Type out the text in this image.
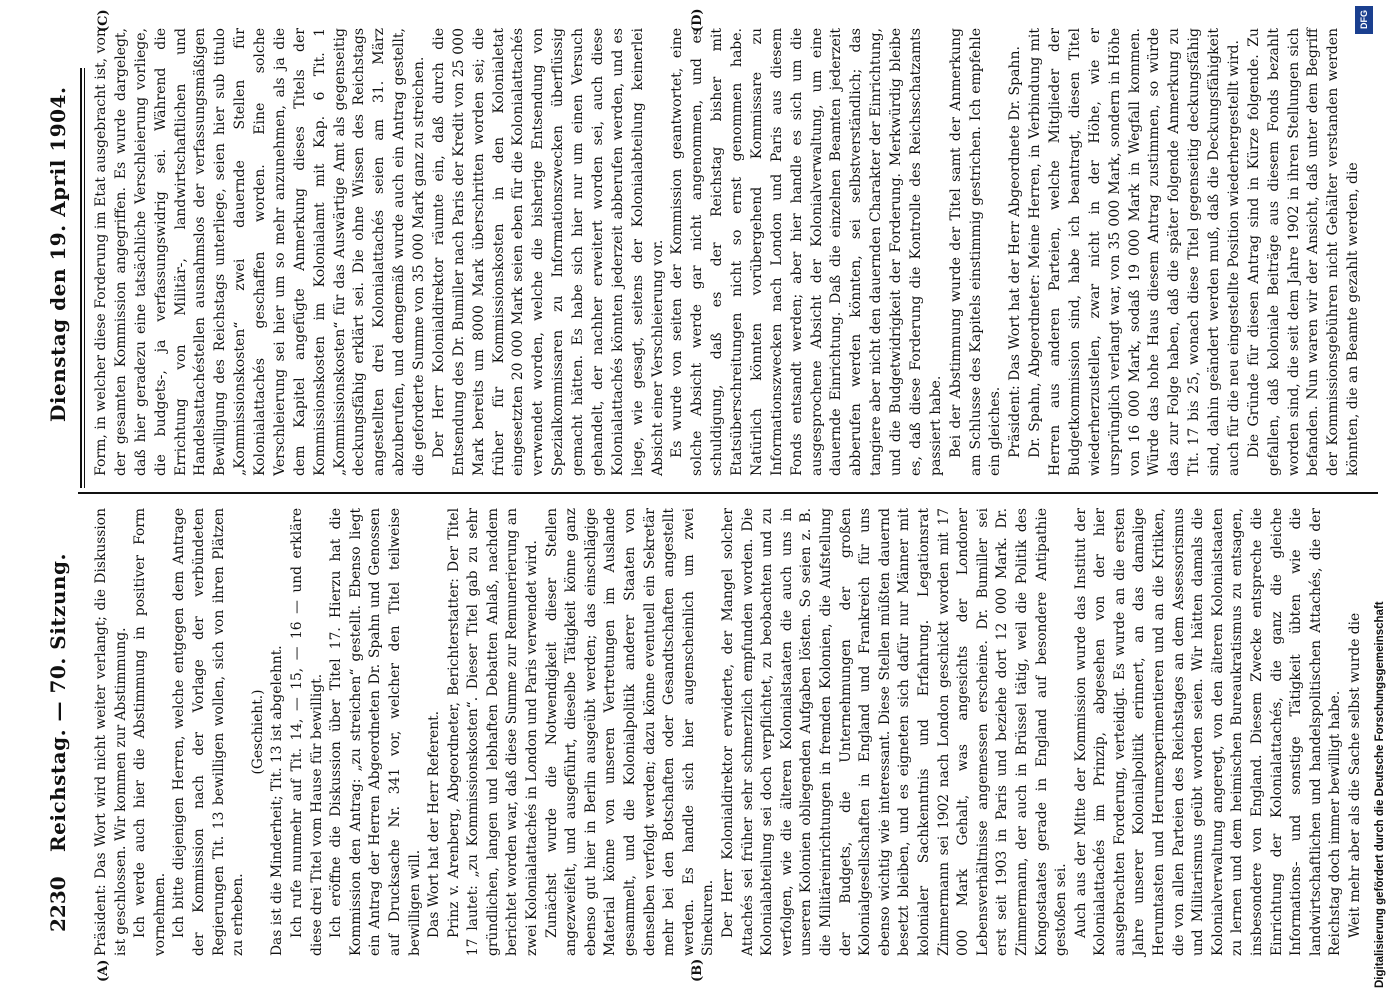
2230
Reichstag. — 70. Sitzung.
Dienstag den 19. April 1904.
(A)	(B)
(C)	(D)

Präsident: Das Wort wird nicht weiter verlangt; die Diskussion ist geschlossen. Wir kommen zur Abstimmung. Ich werde auch hier die Abstimmung in positiver Form vornehmen. Ich bitte diejenigen Herren, welche entgegen dem Antrage der Kommission nach der Vorlage der verbündeten Regierungen Tit. 13 bewilligen wollen, sich von ihren Plätzen zu erheben.

(Geschieht.) Das ist die Minderheit; Tit. 13 ist abgelehnt. Ich rufe nunmehr auf Tit. 14, — 15, — 16 — und erkläre diese drei Titel vom Hause für bewilligt. Ich eröffne die Diskussion über Titel 17. Hierzu hat die Kommission den Antrag: „zu streichen“ gestellt. Ebenso liegt ein Antrag der Herren Abgeordneten Dr. Spahn und Genossen auf Drucksache Nr. 341 vor, welcher den Titel teilweise bewilligen will. Das Wort hat der Herr Referent. Prinz v. Arenberg, Abgeordneter, Berichterstatter: Der Titel 17 lautet: „zu Kommissionskosten“. Dieser Titel gab zu sehr gründlichen, langen und lebhaften Debatten Anlaß, nachdem berichtet worden war, daß diese Summe zur Remunerierung an zwei Kolonialattachés in London und Paris verwendet wird. Zunächst wurde die Notwendigkeit dieser Stellen angezweifelt, und ausgeführt, dieselbe Tätigkeit könne ganz ebenso gut hier in Berlin ausgeübt werden; das einschlägige Material könne von unseren Vertretungen im Auslande gesammelt, und die Kolonialpolitik anderer Staaten von denselben verfolgt werden; dazu könne eventuell ein Sekretär mehr bei den Botschaften oder Gesandtschaften angestellt werden. Es handle sich hier augenscheinlich um zwei Sinekuren. Der Herr Kolonialdirektor erwiderte, der Mangel solcher Attachés sei früher sehr schmerzlich empfunden worden. Die Kolonialabteilung sei doch verpflichtet, zu beobachten und zu verfolgen, wie die älteren Kolonialstaaten die auch uns in unseren Kolonien obliegenden Aufgaben lösten. So seien z. B. die Militäreinrichtungen in fremden Kolonien, die Aufstellung der Budgets, die Unternehmungen der großen Kolonialgesellschaften in England und Frankreich für uns ebenso wichtig wie interessant. Diese Stellen müßten dauernd besetzt bleiben, und es eigneten sich dafür nur Männer mit kolonialer Sachkenntnis und Erfahrung. Legationsrat Zimmermann sei 1902 nach London geschickt worden mit 17 000 Mark Gehalt, was angesichts der Londoner Lebensverhältnisse angemessen erscheine. Dr. Bumiller sei erst seit 1903 in Paris und beziehe dort 12 000 Mark. Dr. Zimmermann, der auch in Brüssel tätig, weil die Politik des Kongostaates gerade in England auf besondere Antipathie gestoßen sei. Auch aus der Mitte der Kommission wurde das Institut der Kolonialattachés im Prinzip, abgesehen von der hier ausgebrachten Forderung, verteidigt. Es wurde an die ersten Jahre unserer Kolonialpolitik erinnert, an das damalige Herumtasten und Herumexperimentieren und an die Kritiken, die von allen Parteien des Reichstages an dem Assessorismus und Militarismus geübt worden seien. Wir hätten damals die Kolonialverwaltung angeregt, von den älteren Kolonialstaaten zu lernen und dem heimischen Bureaukratismus zu entsagen, insbesondere von England. Diesem Zwecke entspreche die Einrichtung der Kolonialattachés, die ganz die gleiche Informations- und sonstige Tätigkeit übten wie die landwirtschaftlichen und handelspolitischen Attachés, die der Reichstag doch immer bewilligt habe. Weit mehr aber als die Sache selbst wurde die

Form, in welcher diese Forderung im Etat ausgebracht ist, von der gesamten Kommission angegriffen. Es wurde dargelegt, daß hier geradezu eine tatsächliche Verschleierung vorliege, die budgets-, ja verfassungswidrig sei. Während die Errichtung von Militär-, landwirtschaftlichen und Handelsattachéstellen ausnahmslos der verfassungsmäßigen Bewilligung des Reichstags unterliege, seien hier sub titulo „Kommissionskosten“ zwei dauernde Stellen für Kolonialattachés geschaffen worden. Eine solche Verschleierung sei hier um so mehr anzunehmen, als ja die dem Kapitel angefügte Anmerkung dieses Titels der Kommissionskosten im Kolonialamt mit Kap. 6 Tit. 1 „Kommissionskosten“ für das Auswärtige Amt als gegenseitig deckungsfähig erklärt sei. Die ohne Wissen des Reichstags angestellten drei Kolonialattachés seien am 31. März abzuberufen, und demgemäß wurde auch ein Antrag gestellt, die geforderte Summe von 35 000 Mark ganz zu streichen. Der Herr Kolonialdirektor räumte ein, daß durch die Entsendung des Dr. Bumiller nach Paris der Kredit von 25 000 Mark bereits um 8000 Mark überschritten worden sei; die früher für Kommissionskosten in den Kolonialetat eingesetzten 20 000 Mark seien eben für die Kolonialattachés verwendet worden, welche die bisherige Entsendung von Spezialkommissaren zu Informationszwecken überflüssig gemacht hätten. Es habe sich hier nur um einen Versuch gehandelt, der nachher erweitert worden sei, auch diese Kolonialattachés könnten jederzeit abberufen werden, und es liege, wie gesagt, seitens der Kolonialabteilung keinerlei Absicht einer Verschleierung vor. Es wurde von seiten der Kommission geantwortet, eine solche Absicht werde gar nicht angenommen, und es schuldigung, daß es der Reichstag bisher mit Etatsüberschreitungen nicht so ernst genommen habe. Natürlich könnten vorübergehend Kommissare zu Informationszwecken nach London und Paris aus diesem Fonds entsandt werden; aber hier handle es sich um die ausgesprochene Absicht der Kolonialverwaltung, um eine dauernde Einrichtung. Daß die einzelnen Beamten jederzeit abberufen werden könnten, sei selbstverständlich; das tangiere aber nicht den dauernden Charakter der Einrichtung, und die Budgetwidrigkeit der Forderung. Merkwürdig bleibe es, daß diese Forderung die Kontrolle des Reichsschatzamts passiert habe. Bei der Abstimmung wurde der Titel samt der Anmerkung am Schlusse des Kapitels einstimmig gestrichen. Ich empfehle ein gleiches. Präsident: Das Wort hat der Herr Abgeordnete Dr. Spahn. Dr. Spahn, Abgeordneter: Meine Herren, in Verbindung mit Herren aus anderen Parteien, welche Mitglieder der Budgetkommission sind, habe ich beantragt, diesen Titel wiederherzustellen, zwar nicht in der Höhe, wie er ursprünglich verlangt war, von 35 000 Mark, sondern in Höhe von 16 000 Mark, sodaß 19 000 Mark in Wegfall kommen. Würde das hohe Haus diesem Antrag zustimmen, so würde das zur Folge haben, daß die später folgende Anmerkung zu Tit. 17 bis 25, wonach diese Titel gegenseitig deckungsfähig sind, dahin geändert werden muß, daß die Deckungsfähigkeit auch für die neu eingestellte Position wiederhergestellt wird. Die Gründe für diesen Antrag sind in Kürze folgende. Zu gefallen, daß koloniale Beiträge aus diesem Fonds bezahlt worden sind, die seit dem Jahre 1902 in ihren Stellungen sich befanden. Nun waren wir der Ansicht, daß unter dem Begriff der Kommissionsgebühren nicht Gehälter verstanden werden könnten, die an Beamte gezahlt werden, die

DFG
Digitalisierung gefördert durch die Deutsche Forschungsgemeinschaft
